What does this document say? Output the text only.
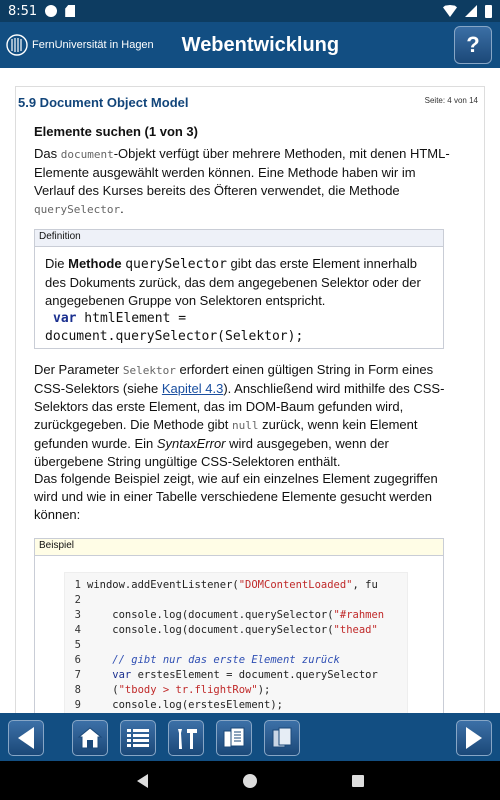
8:51
FernUniversität in Hagen Webentwicklung	?
5.9 Document Object Model	Seite: 4 von 14
Elemente suchen (1 von 3)
Das document-Objekt verfügt über mehrere Methoden, mit denen HTML-Elemente ausgewählt werden können. Eine Methode haben wir im Verlauf des Kurses bereits des Öfteren verwendet, die Methode querySelector.
Definition
Die Methode querySelector gibt das erste Element innerhalb des Dokuments zurück, das dem angegebenen Selektor oder der angegebenen Gruppe von Selektoren entspricht.
var htmlElement =
document.querySelector(Selektor);
Der Parameter Selektor erfordert einen gültigen String in Form eines CSS-Selektors (siehe Kapitel 4.3). Anschließend wird mithilfe des CSS-Selektors das erste Element, das im DOM-Baum gefunden wird, zurückgegeben. Die Methode gibt null zurück, wenn kein Element gefunden wurde. Ein SyntaxError wird ausgegeben, wenn der übergebene String ungültige CSS-Selektoren enthält.
Das folgende Beispiel zeigt, wie auf ein einzelnes Element zugegriffen wird und wie in einer Tabelle verschiedene Elemente gesucht werden können:
Beispiel
1 window.addEventListener("DOMContentLoaded", fu
2
3 console.log(document.querySelector("#rahmen
4 console.log(document.querySelector("thead"
5
6 // gibt nur das erste Element zurück
7 var erstesElement = document.querySelector
8 ("tbody > tr.flightRow");
9 console.log(erstesElement);
